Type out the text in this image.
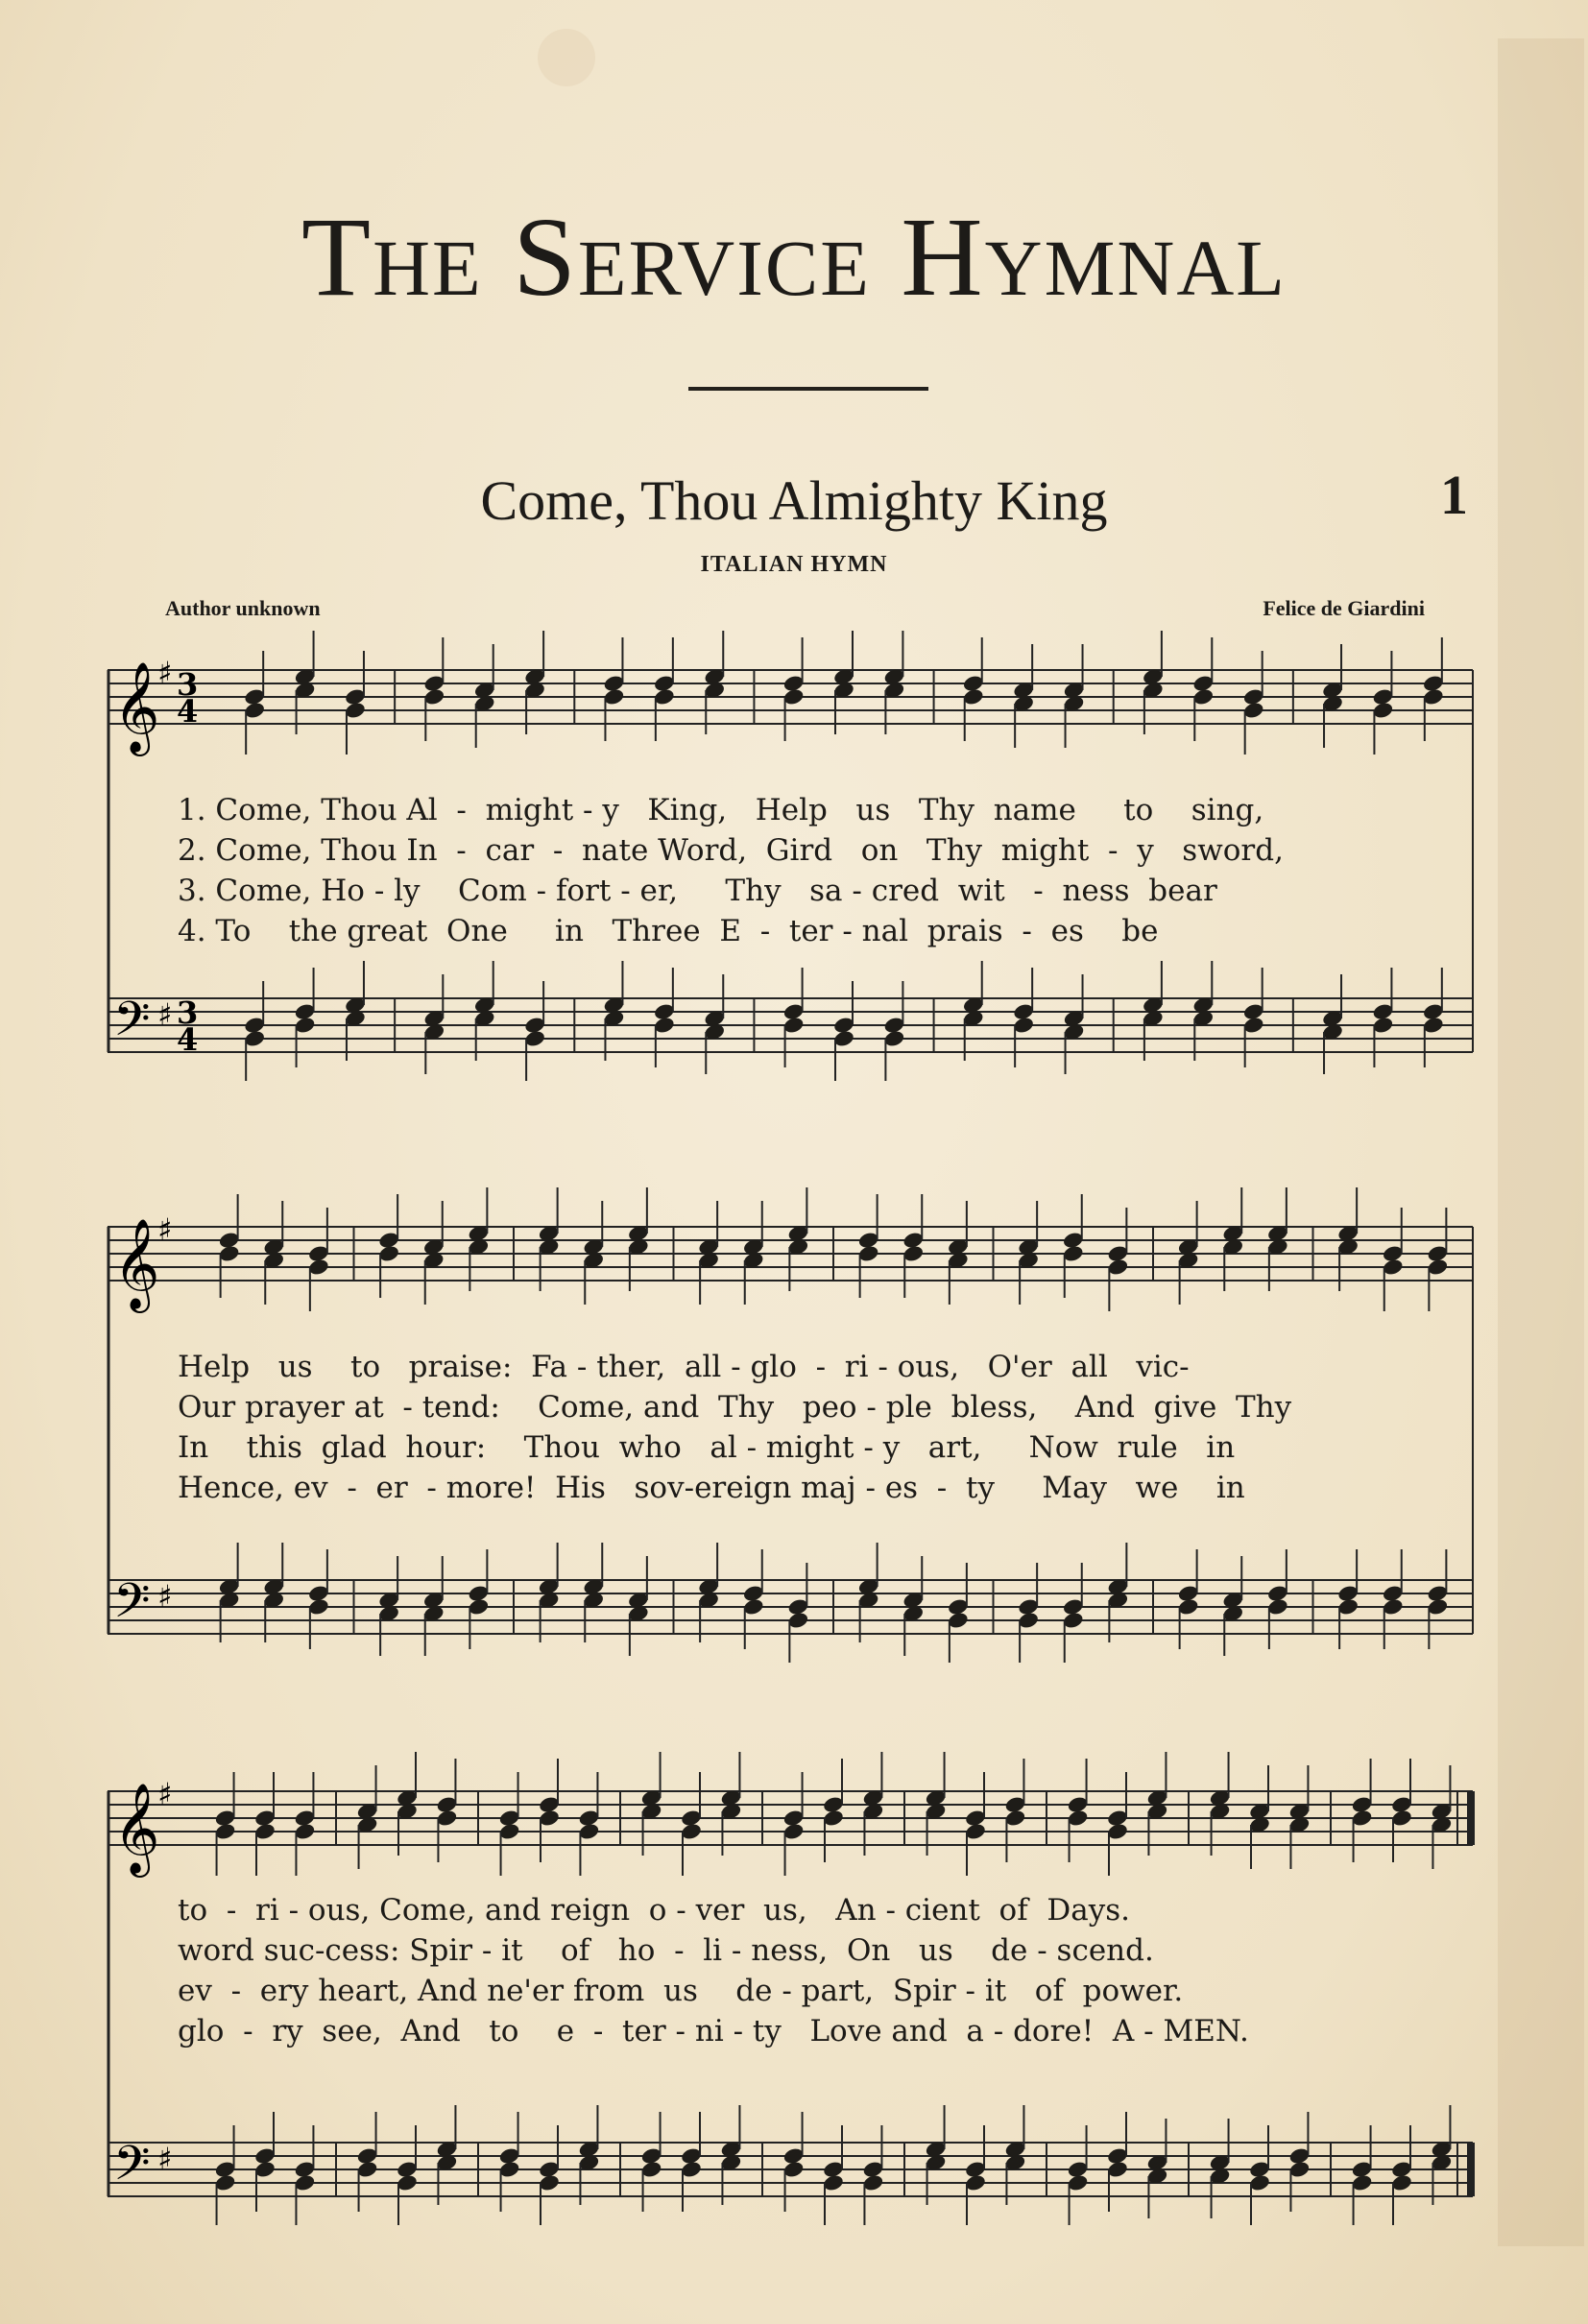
The Service Hymnal
Come, Thou Almighty King	1
ITALIAN HYMN
Author unknown	Felice de Giardini
𝄞
𝄢
♯
♯
3
4
3
4
1. Come, Thou Al  -  might - y   King,   Help   us   Thy  name     to    sing,
2. Come, Thou In  -  car  -  nate Word,  Gird   on   Thy  might  -  y   sword,
3. Come, Ho - ly    Com - fort - er,     Thy   sa - cred  wit   -  ness  bear
4. To    the great  One     in   Three  E  -  ter - nal  prais  -  es    be
𝄞
𝄢
♯
♯
Help   us    to   praise:  Fa - ther,  all - glo  -  ri - ous,   O'er  all   vic-
Our prayer at  - tend:    Come, and  Thy   peo - ple  bless,    And  give  Thy
In    this  glad  hour:    Thou  who   al - might - y   art,     Now  rule   in
Hence, ev  -  er  - more!  His   sov-ereign maj - es  -  ty     May   we    in
𝄞
𝄢
♯
♯
to  -  ri - ous, Come, and reign  o - ver  us,   An - cient  of  Days.
word suc-cess: Spir - it    of   ho  -  li - ness,  On   us    de - scend.
ev  -  ery heart, And ne'er from  us    de - part,  Spir - it   of  power.
glo  -  ry  see,  And   to    e  -  ter - ni - ty   Love and  a - dore!  A - MEN.
